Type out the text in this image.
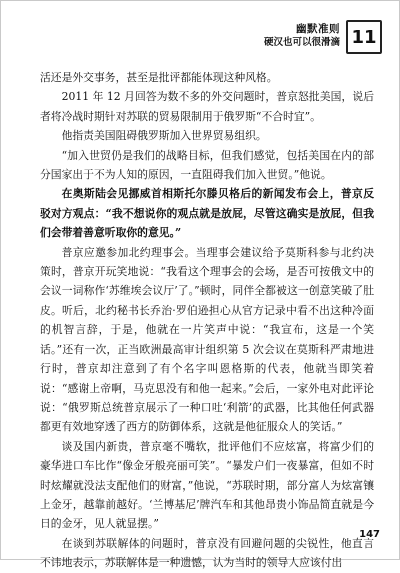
幽默准则
硬汉也可以很滑滴 11

活还是外交事务，甚至是批评都能体现这种风格。

2011 年 12 月回答为数不多的外交问题时，普京怒批美国，说后者将冷战时期针对苏联的贸易限制用于俄罗斯“不合时宜”。

他指责美国阻碍俄罗斯加入世界贸易组织。

“加入世贸仍是我们的战略目标，但我们感觉，包括美国在内的部分国家出于不为人知的原因，一直阻碍我们加入世贸。”他说。

在奥斯陆会见挪威首相斯托尔滕贝格后的新闻发布会上，普京反驳对方观点：“我不想说你的观点就是放屁，尽管这确实是放屁，但我们会带着善意听取你的意见。”

普京应邀参加北约理事会。当理事会建议给予莫斯科参与北约决策时，普京开玩笑地说：“我看这个理事会的会场，是否可按俄文中的会议一词称作‘苏维埃会议厅’了。”顿时，同伴全都被这一创意笑破了肚皮。听后，北约秘书长乔治·罗伯逊担心从官方记录中看不出这种冷面的机智言辞，于是，他就在一片笑声中说：“我宣布，这是一个笑话。”还有一次，正当欧洲最高审计组织第 5 次会议在莫斯科严肃地进行时，普京却注意到了有个名字叫恩格斯的代表，他就当即笑着说：“感谢上帝啊，马克思没有和他一起来。”会后，一家外电对此评论说：“俄罗斯总统普京展示了一种口吐‘利箭’的武器，比其他任何武器都更有效地穿透了西方的防御体系，这就是他征服众人的笑话。”

谈及国内新贵，普京毫不嘴软，批评他们不应炫富，将富少们的豪华进口车比作“像金牙般亮丽可笑”。“暴发户们一夜暴富，但如不时时炫耀就没法支配他们的财富，”他说，“苏联时期，部分富人为炫富镶上金牙，越靠前越好。‘兰博基尼’牌汽车和其他昂贵小饰品简直就是今日的金牙，见人就显摆。”

在谈到苏联解体的问题时，普京没有回避问题的尖锐性，他直言不讳地表示，苏联解体是一种遗憾，认为当时的领导人应该付出

147
